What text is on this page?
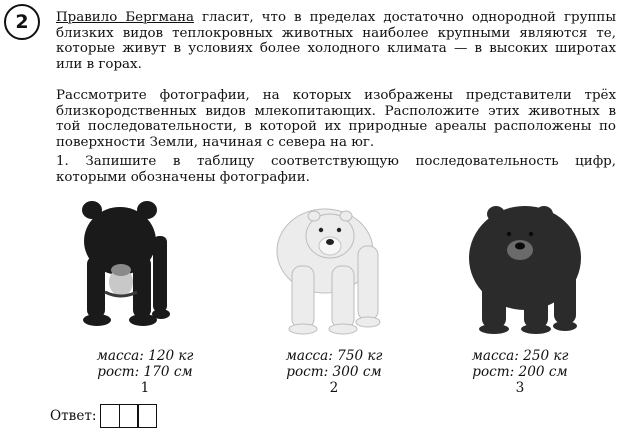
2 Правило Бергмана гласит, что в пределах достаточно однородной группы близких видов теплокровных животных наиболее крупными являются те, которые живут в условиях более холодного климата — в высоких широтах или в горах.

Рассмотрите фотографии, на которых изображены представители трёх близкородственных видов млекопитающих. Расположите этих животных в той последовательности, в которой их природные ареалы расположены по поверхности Земли, начиная с севера на юг.

1. Запишите в таблицу соответствующую последовательность цифр, которыми обозначены фотографии.

масса: 120 кг
рост: 170 см
1
масса: 750 кг
рост: 300 см
2
масса: 250 кг
рост: 200 см
3
Ответ:
